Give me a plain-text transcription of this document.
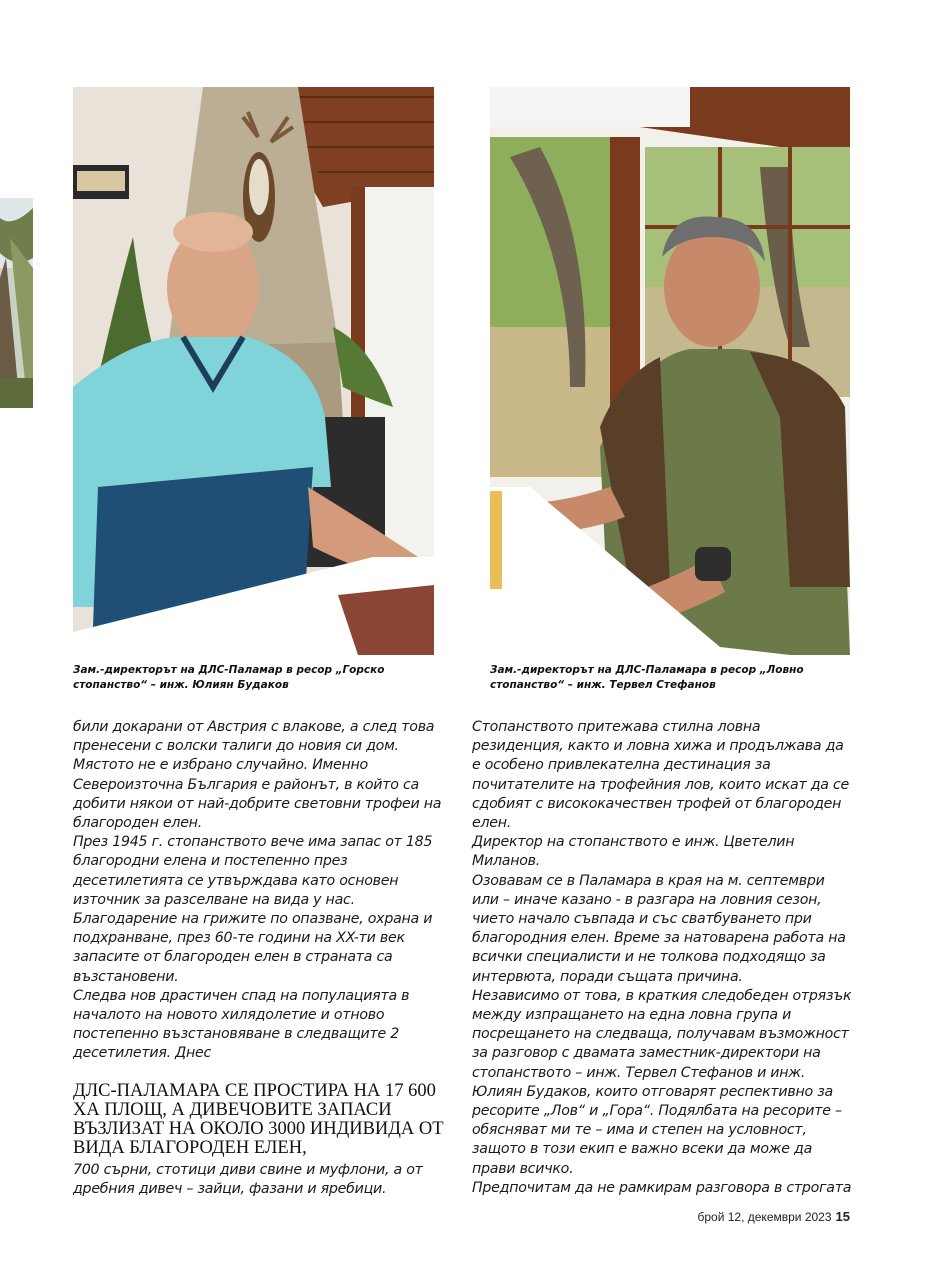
Зам.-директорът на ДЛС-Паламар в ресор „Горско стопанство“ – инж. Юлиян Будаков
Зам.-директорът на ДЛС-Паламара в ресор „Ловно стопанство“ – инж. Тервел Стефанов

били докарани от Австрия с влакове, а след това пренесени с волски талиги до новия си дом. Мястото не е избрано случайно. Именно Североизточна България е районът, в който са добити някои от най-добрите световни трофеи на благороден елен.

През 1945 г. стопанството вече има запас от 185 благородни елена и постепенно през десетилетията се утвърждава като основен източник за разселване на вида у нас.

Благодарение на грижите по опазване, охрана и подхранване, през 60-те години на XX-ти век запасите от благороден елен в страната са възстановени.

Следва нов драстичен спад на популацията в началото на новото хилядолетие и отново постепенно възстановяване в следващите 2 десетилетия. Днес

ДЛС-ПАЛАМАРА СЕ ПРОСТИРА НА 17 600 ХА ПЛОЩ, А ДИВЕЧОВИТЕ ЗАПАСИ ВЪЗЛИЗАТ НА ОКОЛО 3000 ИНДИВИДА ОТ ВИДА БЛАГОРОДЕН ЕЛЕН,

700 сърни, стотици диви свине и муфлони, а от дребния дивеч – зайци, фазани и яребици.

Стопанството притежава стилна ловна резиденция, както и ловна хижа и продължава да е особено привлекателна дестинация за почитателите на трофейния лов, които искат да се сдобият с висококачествен трофей от благороден елен.

Директор на стопанството е инж. Цветелин Миланов.

Озовавам се в Паламара в края на м. септември или – иначе казано - в разгара на ловния сезон, чието начало съвпада и със сватбуването при благородния елен. Време за натоварена работа на всички специалисти и не толкова подходящо за интервюта, поради същата причина.

Независимо от това, в краткия следобеден отрязък между изпращането на една ловна група и посрещането на следваща, получавам възможност за разговор с двамата заместник-директори на стопанството – инж. Тервел Стефанов и инж. Юлиян Будаков, които отговарят респективно за ресорите „Лов“ и „Гора“. Подялбата на ресорите – обясняват ми те – има и степен на условност, защото в този екип е важно всеки да може да прави всичко.

Предпочитам да не рамкирам разговора в строгата

брой 12, декември 2023 15
